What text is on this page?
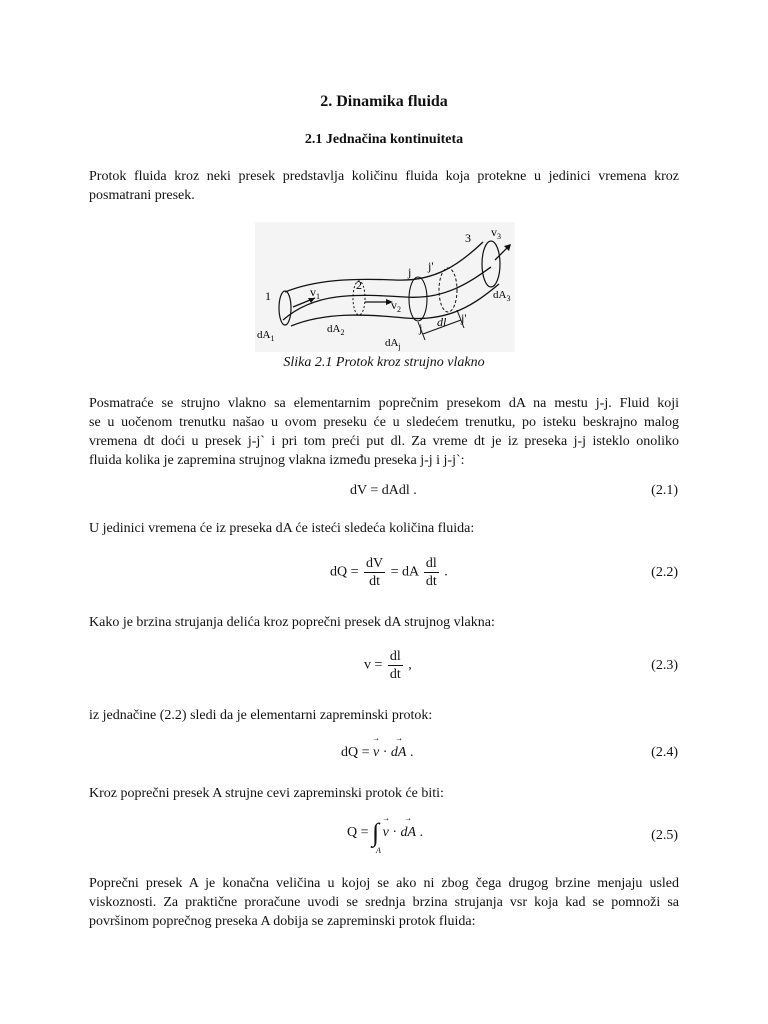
2. Dinamika fluida
2.1 Jednačina kontinuiteta
Protok fluida kroz neki presek predstavlja količinu fluida koja protekne u jedinici vremena kroz
posmatrani presek.
1
2
3
$v_1$
$v_2$
$v_3$
$dA_1$
$dA_2$
$dA_j$
$dA_3$
j j'
j
j'
dl
Slika 2.1 Protok kroz strujno vlakno
Posmatraće se strujno vlakno sa elementarnim poprečnim presekom dA na mestu j-j. Fluid koji
se u uočenom trenutku našao u ovom preseku će u sledećem trenutku, po isteku beskrajno malog
vremena dt doći u presek j-j` i pri tom preći put dl. Za vreme dt je iz preseka j-j isteklo onoliko
fluida kolika je zapremina strujnog vlakna između preseka j-j i j-j`:
dV = dAdl .	(2.1)
U jedinici vremena će iz preseka dA će isteći sledeća količina fluida:
dQ = $\frac{dV}{dt}$ = dA $\frac{dl}{dt}$ .	(2.2)
Kako je brzina strujanja delića kroz poprečni presek dA strujnog vlakna:
$v = \frac{dl}{dt}$ ,	(2.3)
iz jednačine (2.2) sledi da je elementarni zapreminski protok:
dQ = → v · → dA .	(2.4)
Kroz poprečni presek A strujne cevi zapreminski protok će biti:
Q = ∫ → v · → dA .
A
(2.5)
Poprečni presek A je konačna veličina u kojoj se ako ni zbog čega drugog brzine menjaju usled
viskoznosti. Za praktične proračune uvodi se srednja brzina strujanja vsr koja kad se pomnoži sa
površinom poprečnog preseka A dobija se zapreminski protok fluida:
